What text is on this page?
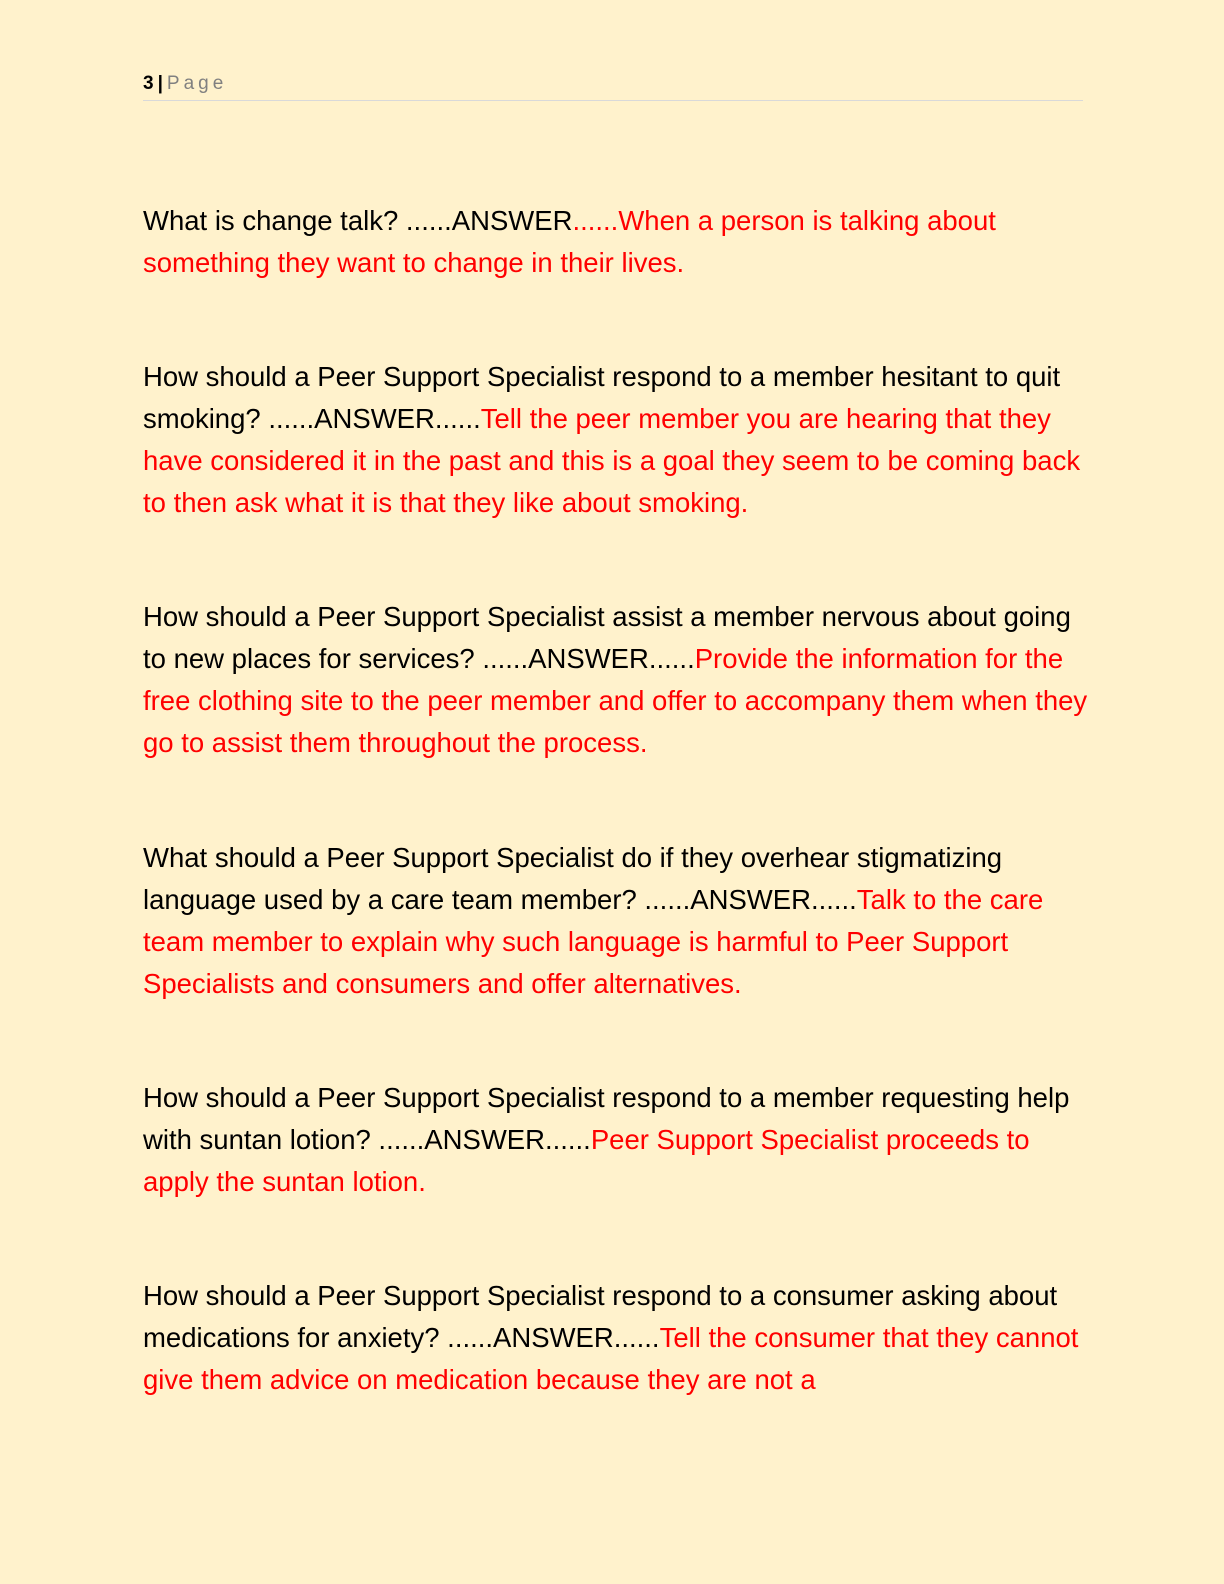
3 | Page

What is change talk? ......ANSWER......When a person is talking about something they want to change in their lives.

How should a Peer Support Specialist respond to a member hesitant to quit smoking? ......ANSWER......Tell the peer member you are hearing that they have considered it in the past and this is a goal they seem to be coming back to then ask what it is that they like about smoking.

How should a Peer Support Specialist assist a member nervous about going to new places for services? ......ANSWER......Provide the information for the free clothing site to the peer member and offer to accompany them when they go to assist them throughout the process.

What should a Peer Support Specialist do if they overhear stigmatizing language used by a care team member? ......ANSWER......Talk to the care team member to explain why such language is harmful to Peer Support Specialists and consumers and offer alternatives.

How should a Peer Support Specialist respond to a member requesting help with suntan lotion? ......ANSWER......Peer Support Specialist proceeds to apply the suntan lotion.

How should a Peer Support Specialist respond to a consumer asking about medications for anxiety? ......ANSWER......Tell the consumer that they cannot give them advice on medication because they are not a
